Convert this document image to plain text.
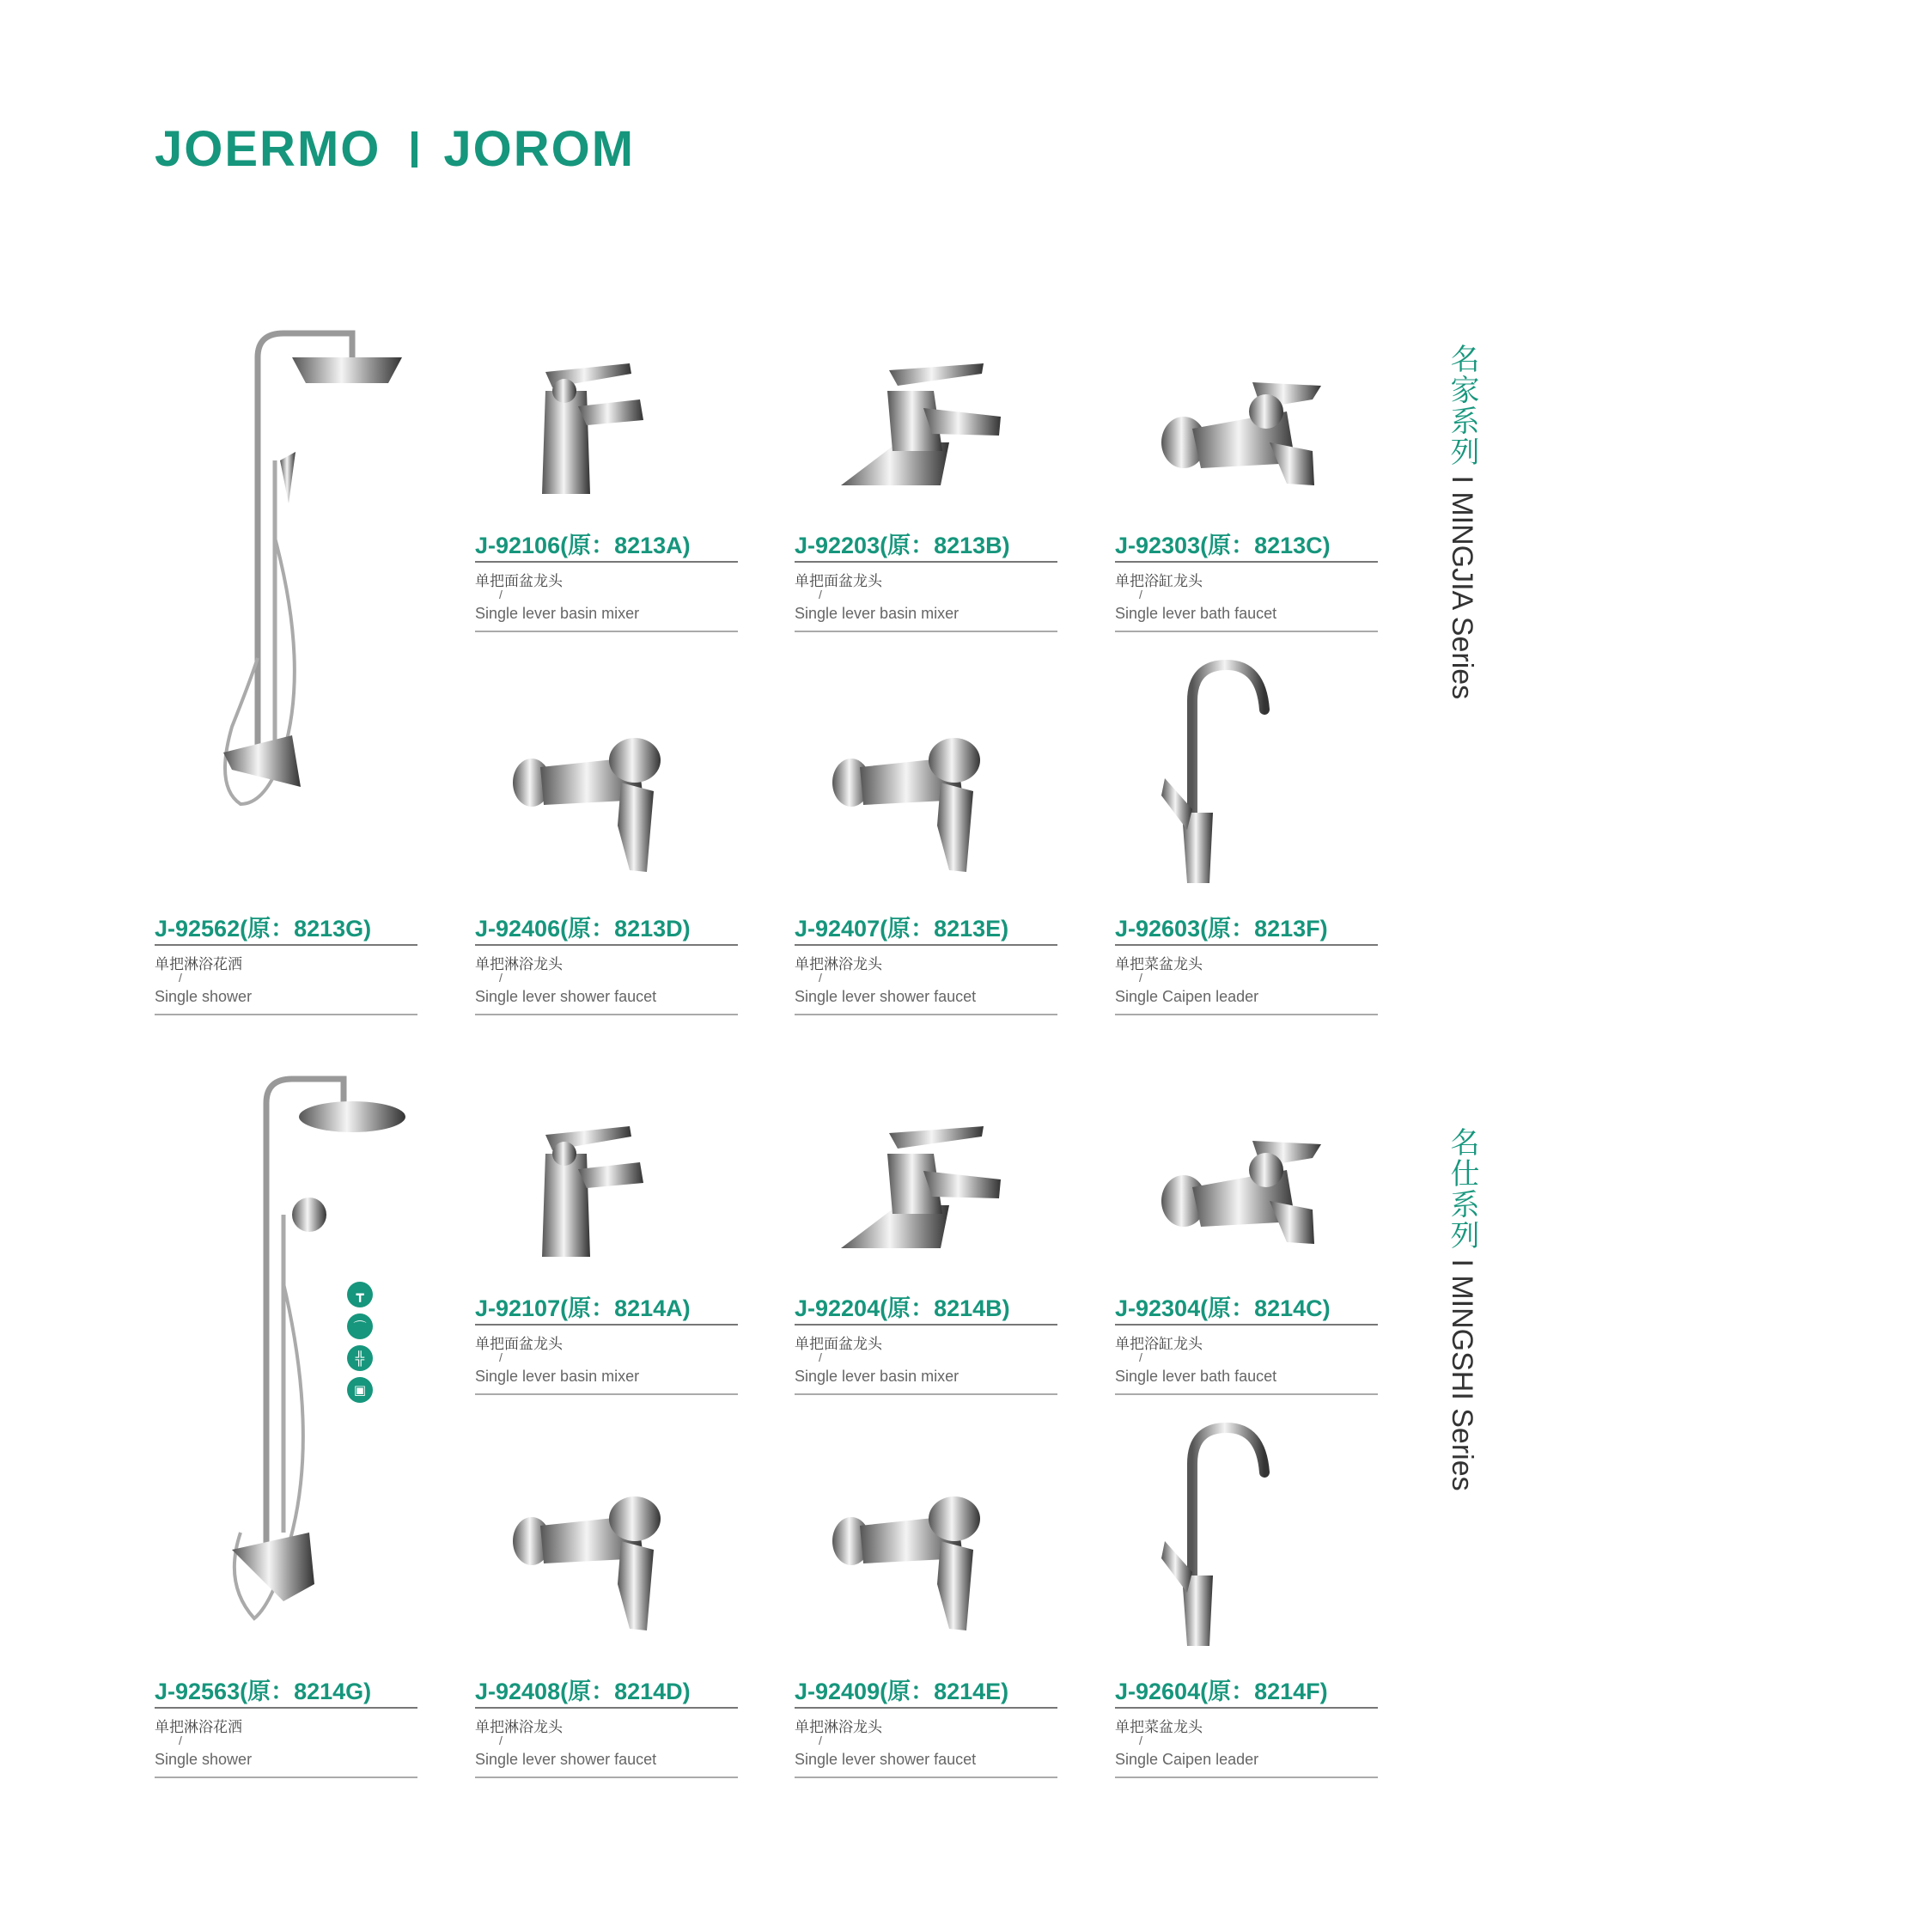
JOERMO JOROM
名家系列 I MINGJIA Series
名仕系列 I MINGSHI Series
┳
⌒
╬
▣
J-92106(原：8213A)
单把面盆龙头
/
Single lever basin mixer
J-92203(原：8213B)
单把面盆龙头
/
Single lever basin mixer
J-92303(原：8213C)
单把浴缸龙头
/
Single lever bath faucet
J-92562(原：8213G)
单把淋浴花洒
/
Single shower
J-92406(原：8213D)
单把淋浴龙头
/
Single lever shower faucet
J-92407(原：8213E)
单把淋浴龙头
/
Single lever shower faucet
J-92603(原：8213F)
单把菜盆龙头
/
Single Caipen leader
J-92107(原：8214A)
单把面盆龙头
/
Single lever basin mixer
J-92204(原：8214B)
单把面盆龙头
/
Single lever basin mixer
J-92304(原：8214C)
单把浴缸龙头
/
Single lever bath faucet
J-92563(原：8214G)
单把淋浴花洒
/
Single shower
J-92408(原：8214D)
单把淋浴龙头
/
Single lever shower faucet
J-92409(原：8214E)
单把淋浴龙头
/
Single lever shower faucet
J-92604(原：8214F)
单把菜盆龙头
/
Single Caipen leader
